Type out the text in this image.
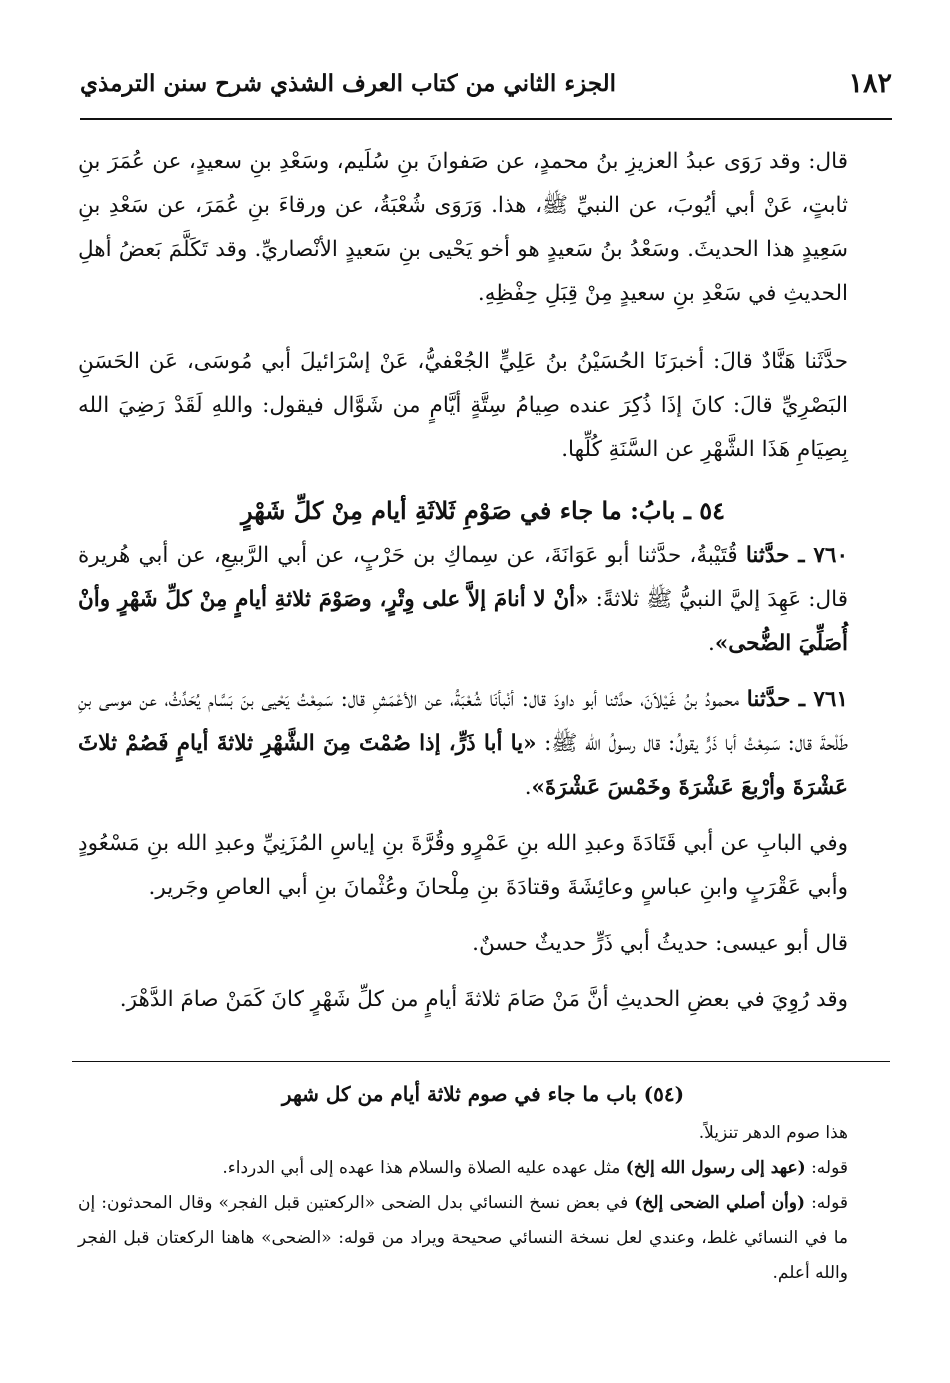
١٨٢
الجزء الثاني من كتاب العرف الشذي شرح سنن الترمذي

قال: وقد رَوَى عبدُ العزيزِ بنُ محمدٍ، عن صَفوانَ بنِ سُلَيم، وسَعْدِ بنِ سعيدٍ، عن عُمَرَ بنِ ثابتٍ، عَنْ أبي أيُوبَ، عن النبيِّ ﷺ، هذا. وَرَوَى شُعْبَةُ، عن ورقاءَ بنِ عُمَرَ، عن سَعْدِ بنِ سَعِيدٍ هذا الحديثَ. وسَعْدُ بنُ سَعيدٍ هو أخو يَحْيى بنِ سَعيدٍ الأنْصاريِّ. وقد تَكَلَّمَ بَعضُ أهلِ الحديثِ في سَعْدِ بنِ سعيدٍ مِنْ قِبَلِ حِفْظِهِ.

حدَّثَنا هَنَّادٌ قالَ: أخبرَنَا الحُسَيْنُ بنُ عَلِيٍّ الجُعْفيُّ، عَنْ إسْرَائيلَ أبي مُوسَى، عَن الحَسَنِ البَصْرِيِّ قالَ: كانَ إذَا ذُكِرَ عنده صِيامُ سِتَّةٍ أيَّامٍ من شَوَّال فيقول: واللهِ لَقَدْ رَضِيَ الله بِصِيَامِ هَذَا الشَّهْرِ عن السَّنَةِ كُلِّها.

٥٤ ـ بابُ: ما جاء في صَوْمِ ثَلاثَةِ أيام مِنْ كلِّ شَهْرٍ

٧٦٠ ـ حدَّثنا قُتَيْبةُ، حدَّثنا أبو عَوَانَةَ، عن سِماكِ بن حَرْبٍ، عن أبي الرَّبيعِ، عن أبي هُريرة قال: عَهِدَ إليَّ النبيُّ ﷺ ثلاثةً: «أنْ لا أنامَ إلاَّ على وِتْرٍ، وصَوْمَ ثلاثةِ أيامٍ مِنْ كلِّ شَهْرٍ وأنْ أُصَلِّيَ الضُّحى».

٧٦١ ـ حدَّثنا محمودُ بنُ غَيْلاَنَ، حدَّثنا أبو داودَ قال: أنْبأنَا شُعْبَةُ، عن الأعْمَشِ قال: سَمِعْتُ يَحْيى بنَ بَسَّام يُحَدِّثُ، عن موسى بنِ طَلْحةَ قال: سَمِعْتُ أبا ذَرٍّ يقولُ: قال رسولُ الله ﷺ: «يا أبا ذَرٍّ، إذا صُمْتَ مِنَ الشَّهْرِ ثلاثةَ أيامٍ فَصُمْ ثلاثَ عَشْرَةَ وأرْبعَ عَشْرَةَ وخَمْسَ عَشْرَةَ».

وفي البابِ عن أبي قَتَادَةَ وعبدِ الله بنِ عَمْرٍو وقُرَّةَ بنِ إياسِ المُزَنِيِّ وعبدِ الله بنِ مَسْعُودٍ وأبي عَقْرَبٍ وابنِ عباسٍ وعائِشَةَ وقتادَةَ بنِ مِلْحانَ وعُثْمانَ بنِ أبي العاصِ وجَرير.

قال أبو عيسى: حديثُ أبي ذَرٍّ حديثٌ حسنٌ.

وقد رُوِيَ في بعضِ الحديثِ أنَّ مَنْ صَامَ ثلاثةَ أيامٍ من كلِّ شَهْرٍ كانَ كَمَنْ صامَ الدَّهْرَ.

(٥٤) باب ما جاء في صوم ثلاثة أيام من كل شهر

هذا صوم الدهر تنزيلاً.

قوله: (عهد إلى رسول الله إلخ) مثل عهده عليه الصلاة والسلام هذا عهده إلى أبي الدرداء.

قوله: (وأن أصلي الضحى إلخ) في بعض نسخ النسائي بدل الضحى «الركعتين قبل الفجر» وقال المحدثون: إن ما في النسائي غلط، وعندي لعل نسخة النسائي صحيحة ويراد من قوله: «الضحى» هاهنا الركعتان قبل الفجر والله أعلم.
